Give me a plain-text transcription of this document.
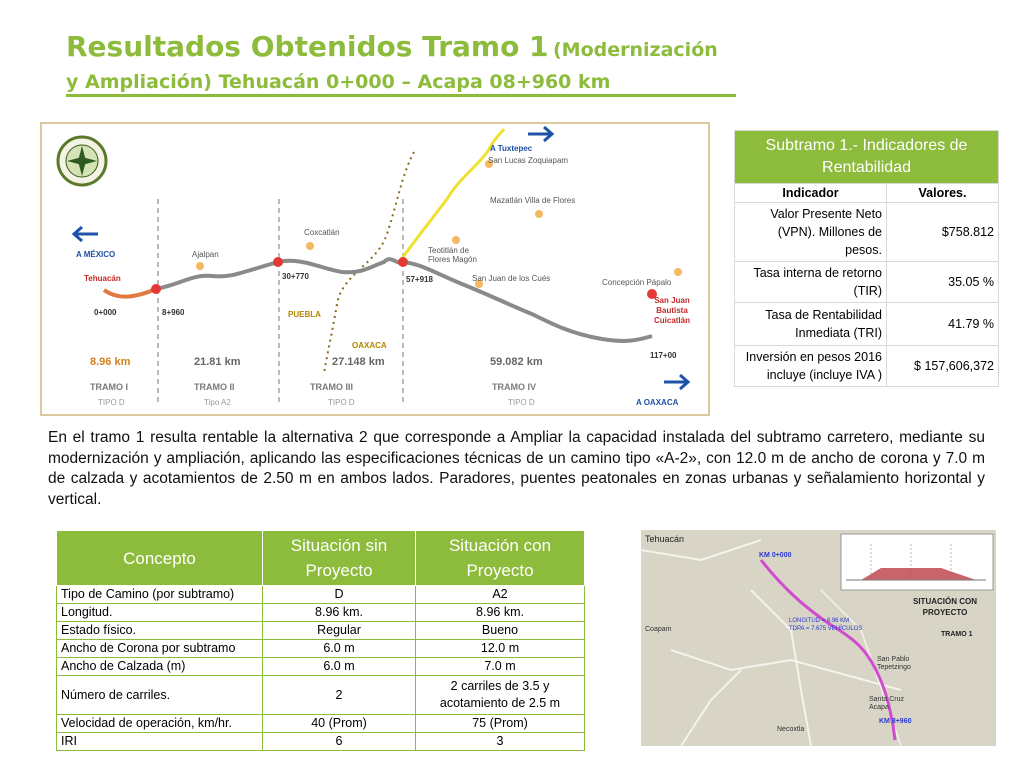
Resultados Obtenidos Tramo 1 (Modernización
y Ampliación) Tehuacán 0+000 – Acapa 08+960 km
A Tuxtepec
A MÉXICO
A OAXACA
Tehuacán
Ajalpan
Coxcatlán
Teotitlán de Flores Magón
San Lucas Zoquiapam
Mazatlán Villa de Flores
San Juan de los Cués	Concepción Pápalo
San Juan Bautista Cuicatlán
PUEBLA
OAXACA
0+000	8+960
30+770	57+918
117+00
8.96 km	21.81 km	27.148 km	59.082 km
TRAMO I	TRAMO II	TRAMO III	TRAMO IV
TIPO D	Tipo A2	TIPO D	TIPO D
Subtramo 1.- Indicadores de Rentabilidad	
Indicador	Valores.
Valor Presente Neto (VPN). Millones de pesos.	$758.812
Tasa interna de retorno (TIR)	35.05 %
Tasa de Rentabilidad Inmediata (TRI)	41.79 %
Inversión en pesos 2016 incluye (incluye IVA )	$ 157,606,372

En el tramo 1 resulta rentable la alternativa 2 que corresponde a Ampliar la capacidad instalada del subtramo carretero, mediante su modernización y ampliación, aplicando las especificaciones técnicas de un camino tipo «A-2», con 12.0 m de ancho de corona y 7.0 m de calzada y acotamientos de 2.50 m en ambos lados. Paradores, puentes peatonales en zonas urbanas y señalamiento horizontal y vertical.

Concepto	Situación sin Proyecto	Situación con Proyecto
Tipo de Camino (por subtramo)	D	A2
Longitud.	8.96 km.	8.96 km.
Estado físico.	Regular	Bueno
Ancho de Corona por subtramo	6.0 m	12.0 m
Ancho de Calzada (m)	6.0 m	7.0 m
Número de carriles.	2	2 carriles de 3.5 y acotamiento de 2.5 m
Velocidad de operación, km/hr.	40 (Prom)	75 (Prom)
IRI	6	3
Tehuacán
KM 0+000
LONGITUD = 8.96 KM
TDPA = 7.675 VEHÍCULOS
SITUACIÓN CON PROYECTO
TRAMO 1
Coapam
San Pablo Tepetzingo
Santa Cruz Acapa
Necoxtla
KM 8+960
